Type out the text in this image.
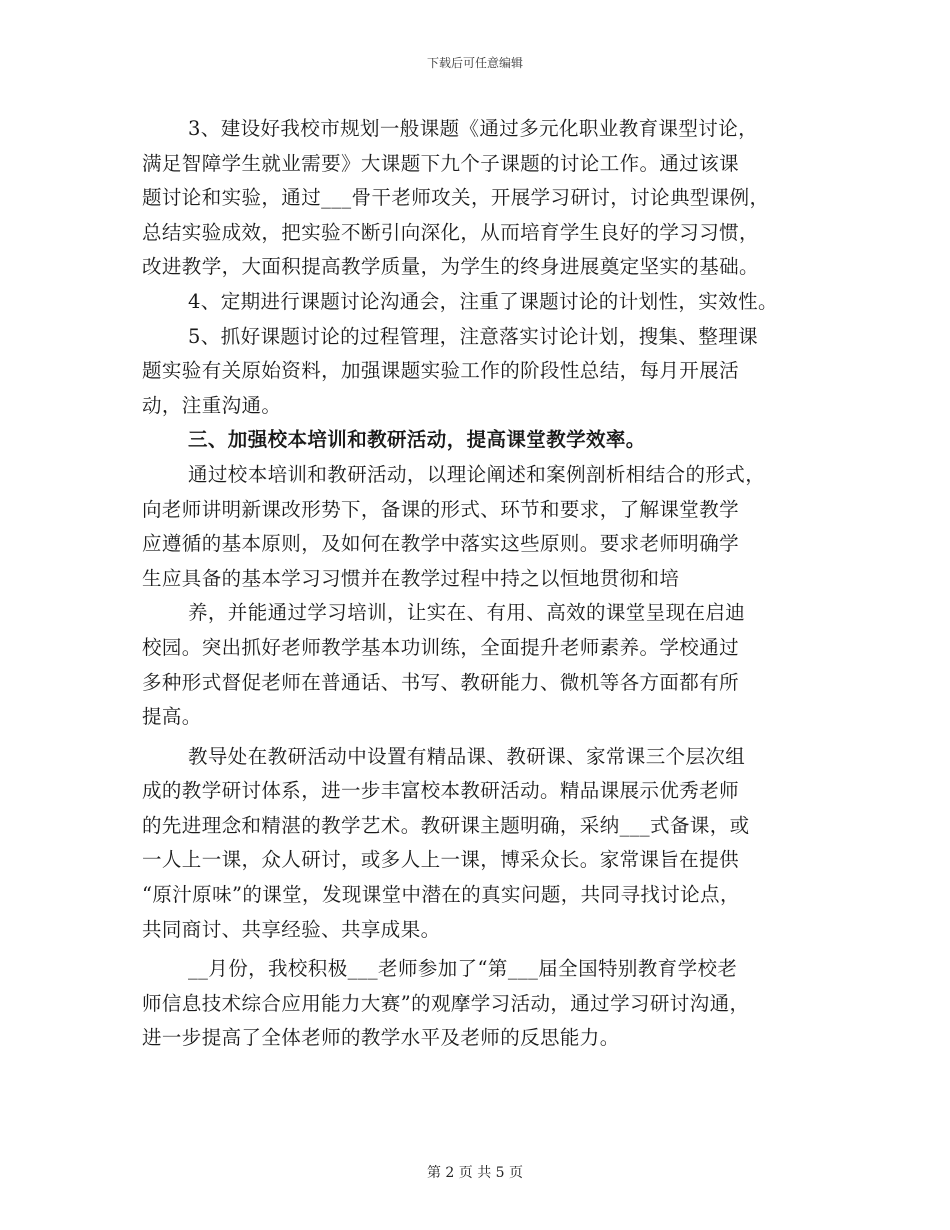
下载后可任意编辑
3、建设好我校市规划一般课题《通过多元化职业教育课型讨论，
满足智障学生就业需要》大课题下九个子课题的讨论工作。通过该课
题讨论和实验，通过___骨干老师攻关，开展学习研讨，讨论典型课例，
总结实验成效，把实验不断引向深化，从而培育学生良好的学习习惯，
改进教学，大面积提高教学质量，为学生的终身进展奠定坚实的基础。
4、定期进行课题讨论沟通会，注重了课题讨论的计划性，实效性。
5、抓好课题讨论的过程管理，注意落实讨论计划，搜集、整理课
题实验有关原始资料，加强课题实验工作的阶段性总结，每月开展活
动，注重沟通。
三、加强校本培训和教研活动，提高课堂教学效率。
通过校本培训和教研活动，以理论阐述和案例剖析相结合的形式，
向老师讲明新课改形势下，备课的形式、环节和要求，了解课堂教学
应遵循的基本原则，及如何在教学中落实这些原则。要求老师明确学
生应具备的基本学习习惯并在教学过程中持之以恒地贯彻和培
养，并能通过学习培训，让实在、有用、高效的课堂呈现在启迪
校园。突出抓好老师教学基本功训练，全面提升老师素养。学校通过
多种形式督促老师在普通话、书写、教研能力、微机等各方面都有所
提高。
教导处在教研活动中设置有精品课、教研课、家常课三个层次组
成的教学研讨体系，进一步丰富校本教研活动。精品课展示优秀老师
的先进理念和精湛的教学艺术。教研课主题明确，采纳___式备课，或
一人上一课，众人研讨，或多人上一课，博采众长。家常课旨在提供
“原汁原味”的课堂，发现课堂中潜在的真实问题，共同寻找讨论点，
共同商讨、共享经验、共享成果。
__月份，我校积极___老师参加了“第___届全国特别教育学校老
师信息技术综合应用能力大赛”的观摩学习活动，通过学习研讨沟通，
进一步提高了全体老师的教学水平及老师的反思能力。
第 2 页 共 5 页
